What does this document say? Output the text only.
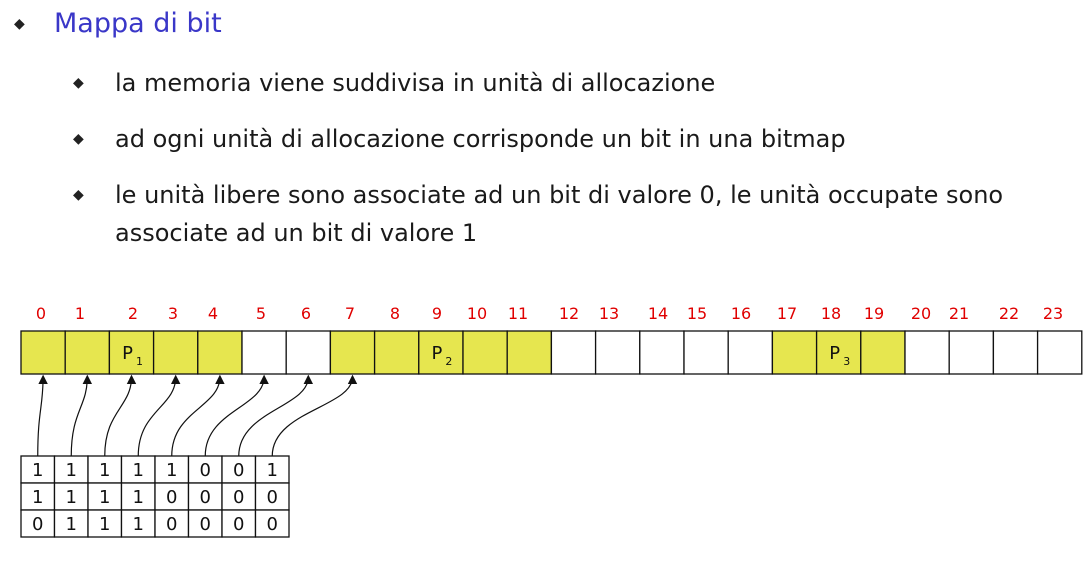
◆	Mappa di bit
◆	la memoria viene suddivisa in unità di allocazione
◆	ad ogni unità di allocazione corrisponde un bit in una bitmap
◆	le unità libere sono associate ad un bit di valore 0, le unità occupate sono associate ad un bit di valore 1
0 1	2 3 4 5 6 7 8 9 10 11 12 13 14 15 16 17 18 19 20 21 22 23
P 1	P 2	P 3
1 1 1 1 1 0 0 1
1 1 1 1 0 0 0 0
0 1 1 1 0 0 0 0
